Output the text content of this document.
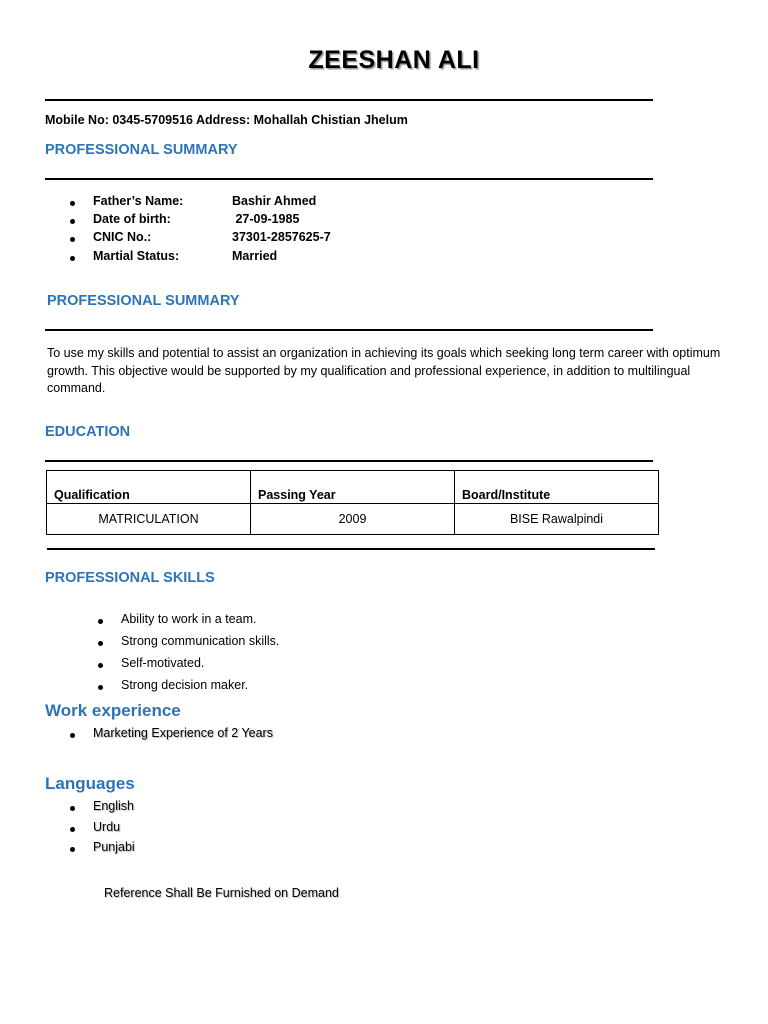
ZEESHAN ALI
Mobile No: 0345-5709516 Address: Mohallah Chistian Jhelum
PROFESSIONAL SUMMARY
Father’s Name:	Bashir Ahmed
Date of birth:	27-09-1985
CNIC No.:	37301-2857625-7
Martial Status:	Married
PROFESSIONAL SUMMARY
To use my skills and potential to assist an organization in achieving its goals which seeking long term career with optimum growth. This objective would be supported by my qualification and professional experience, in addition to multilingual command.
EDUCATION
Qualification	Passing Year	Board/Institute
MATRICULATION	2009	BISE Rawalpindi
PROFESSIONAL SKILLS
Ability to work in a team.
Strong communication skills.
Self-motivated.
Strong decision maker.
Work experience
Marketing Experience of 2 Years
Languages
English
Urdu
Punjabi
Reference Shall Be Furnished on Demand
